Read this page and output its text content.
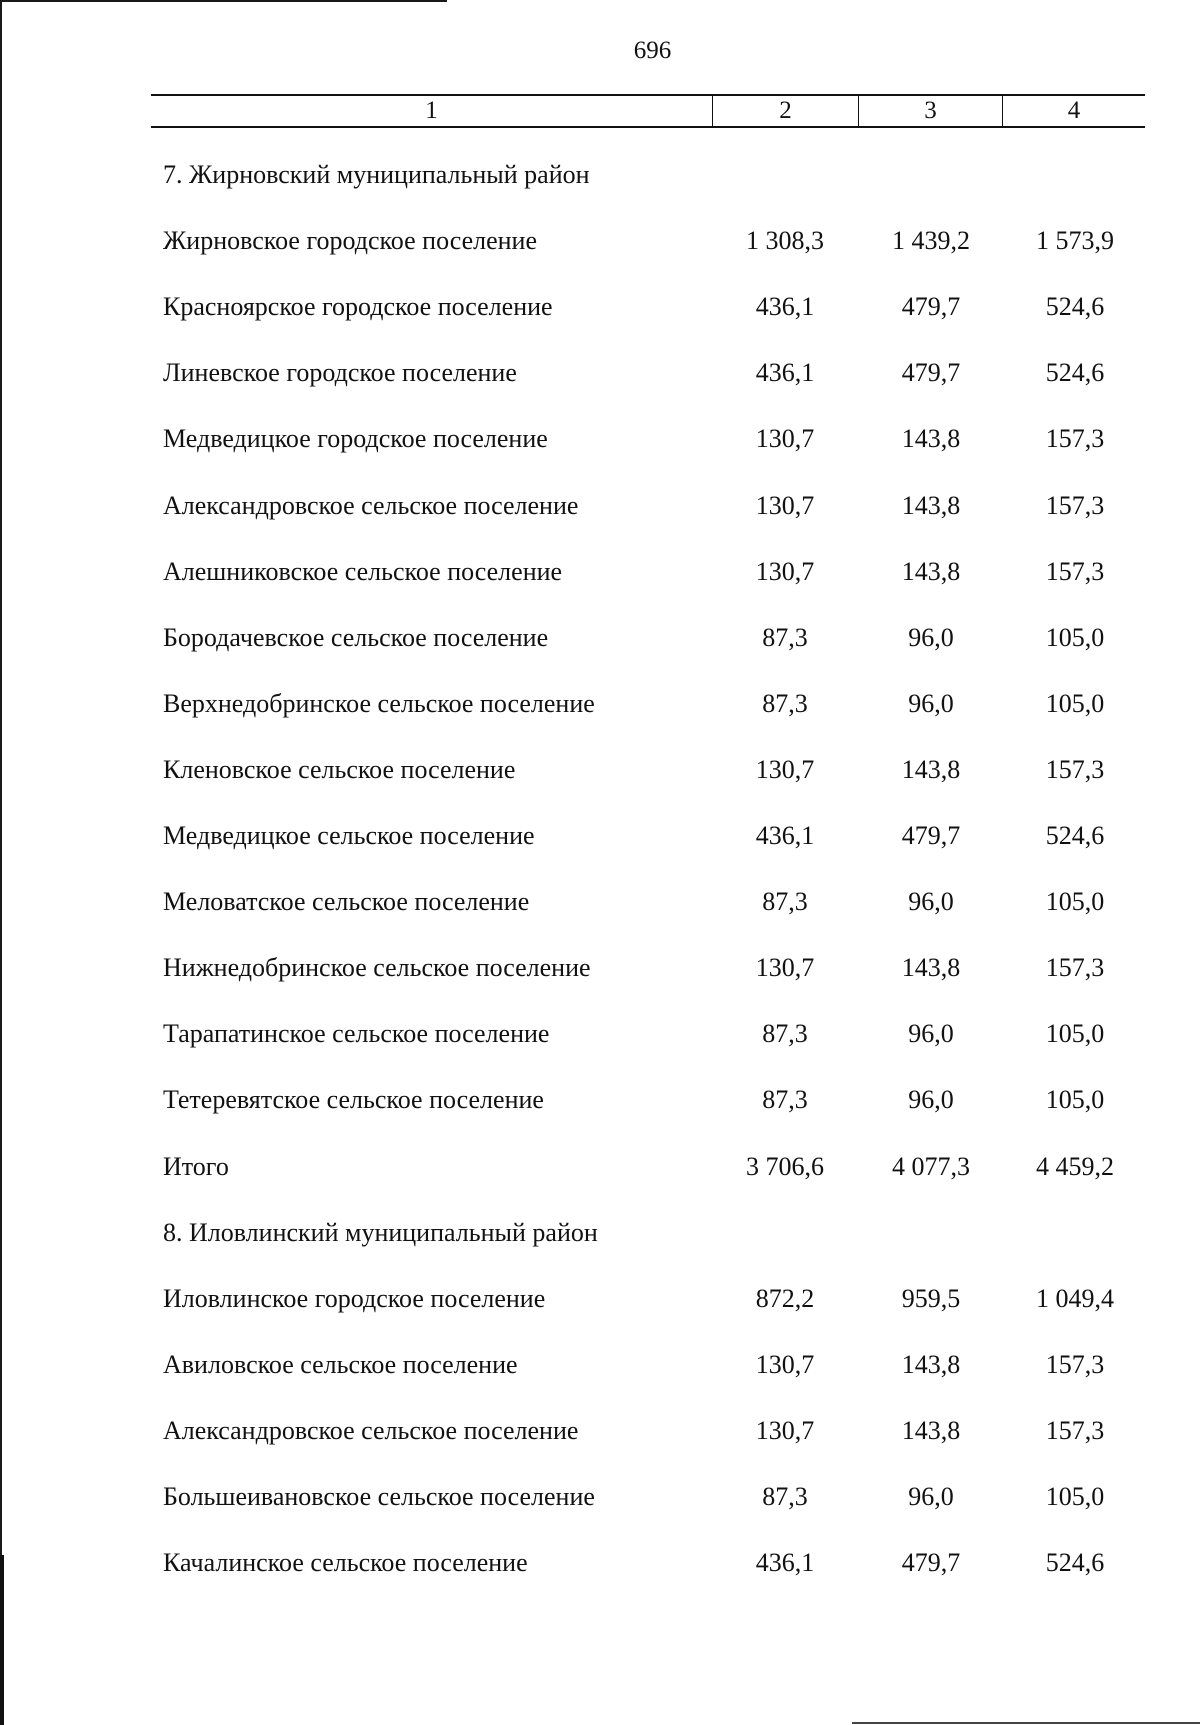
696
1	2	3	4
7. Жирновский муниципальный район
Жирновское городское поселение	1 308,3	1 439,2	1 573,9
Красноярское городское поселение	436,1	479,7	524,6
Линевское городское поселение	436,1	479,7	524,6
Медведицкое городское поселение	130,7	143,8	157,3
Александровское сельское поселение	130,7	143,8	157,3
Алешниковское сельское поселение	130,7	143,8	157,3
Бородачевское сельское поселение	87,3	96,0	105,0
Верхнедобринское сельское поселение	87,3	96,0	105,0
Кленовское сельское поселение	130,7	143,8	157,3
Медведицкое сельское поселение	436,1	479,7	524,6
Меловатское сельское поселение	87,3	96,0	105,0
Нижнедобринское сельское поселение	130,7	143,8	157,3
Тарапатинское сельское поселение	87,3	96,0	105,0
Тетеревятское сельское поселение	87,3	96,0	105,0
Итого	3 706,6	4 077,3	4 459,2
8. Иловлинский муниципальный район
Иловлинское городское поселение	872,2	959,5	1 049,4
Авиловское сельское поселение	130,7	143,8	157,3
Александровское сельское поселение	130,7	143,8	157,3
Большеивановское сельское поселение	87,3	96,0	105,0
Качалинское сельское поселение	436,1	479,7	524,6
